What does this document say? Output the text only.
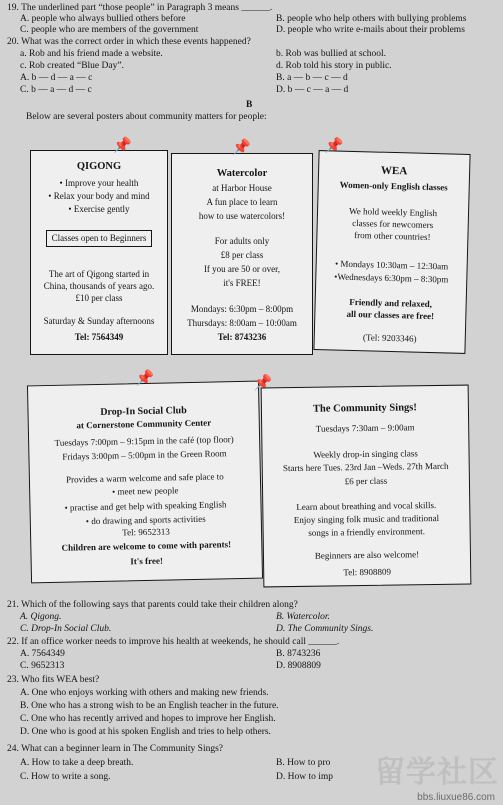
19. The underlined part “those people” in Paragraph 3 means ______.
A. people who always bullied others before	B. people who help others with bullying problems
C. people who are members of the government	D. people who write e-mails about their problems
20. What was the correct order in which these events happened?
a. Rob and his friend made a website.	b. Rob was bullied at school.
c. Rob created “Blue Day”.	d. Rob told his story in public.
A. b — d — a — c	B. a — b — c — d
C. b — a — d — c	D. b — c — a — d
B
Below are several posters about community matters for people:
📌
QIGONG
• Improve your health
• Relax your body and mind
• Exercise gently
Classes open to Beginners
The art of Qigong started in
China, thousands of years ago.
£10 per class
Saturday & Sunday afternoons
Tel: 7564349
📌
Watercolor
at Harbor House
A fun place to learn
how to use watercolors!
For adults only
£8 per class
If you are 50 or over,
it's FREE!
Mondays: 6:30pm – 8:00pm
Thursdays: 8:00am – 10:00am
Tel: 8743236
📌
WEA
Women-only English classes
We hold weekly English
classes for newcomers
from other countries!
• Mondays 10:30am – 12:30am
•Wednesdays 6:30pm – 8:30pm
Friendly and relaxed,
all our classes are free!
(Tel: 9203346)
📌
Drop-In Social Club
at Cornerstone Community Center
Tuesdays 7:00pm – 9:15pm in the café (top floor)
Fridays 3:00pm – 5:00pm in the Green Room
Provides a warm welcome and safe place to
• meet new people
• practise and get help with speaking English
• do drawing and sports activities
Tel: 9652313
Children are welcome to come with parents!
It's free!
📌
The Community Sings!
Tuesdays 7:30am – 9:00am
Weekly drop-in singing class
Starts here Tues. 23rd Jan –Weds. 27th March
£6 per class
Learn about breathing and vocal skills.
Enjoy singing folk music and traditional
songs in a friendly environment.
Beginners are also welcome!
Tel: 8908809
21. Which of the following says that parents could take their children along?
A. Qigong.	B. Watercolor.
C. Drop-In Social Club.	D. The Community Sings.
22. If an office worker needs to improve his health at weekends, he should call ______.
A. 7564349	B. 8743236
C. 9652313	D. 8908809
23. Who fits WEA best?
A. One who enjoys working with others and making new friends.
B. One who has a strong wish to be an English teacher in the future.
C. One who has recently arrived and hopes to improve her English.
D. One who is good at his spoken English and tries to help others.
24. What can a beginner learn in The Community Sings?
A. How to take a deep breath.	B. How to pro
C. How to write a song.	D. How to imp 留学社区
bbs.liuxue86.com
